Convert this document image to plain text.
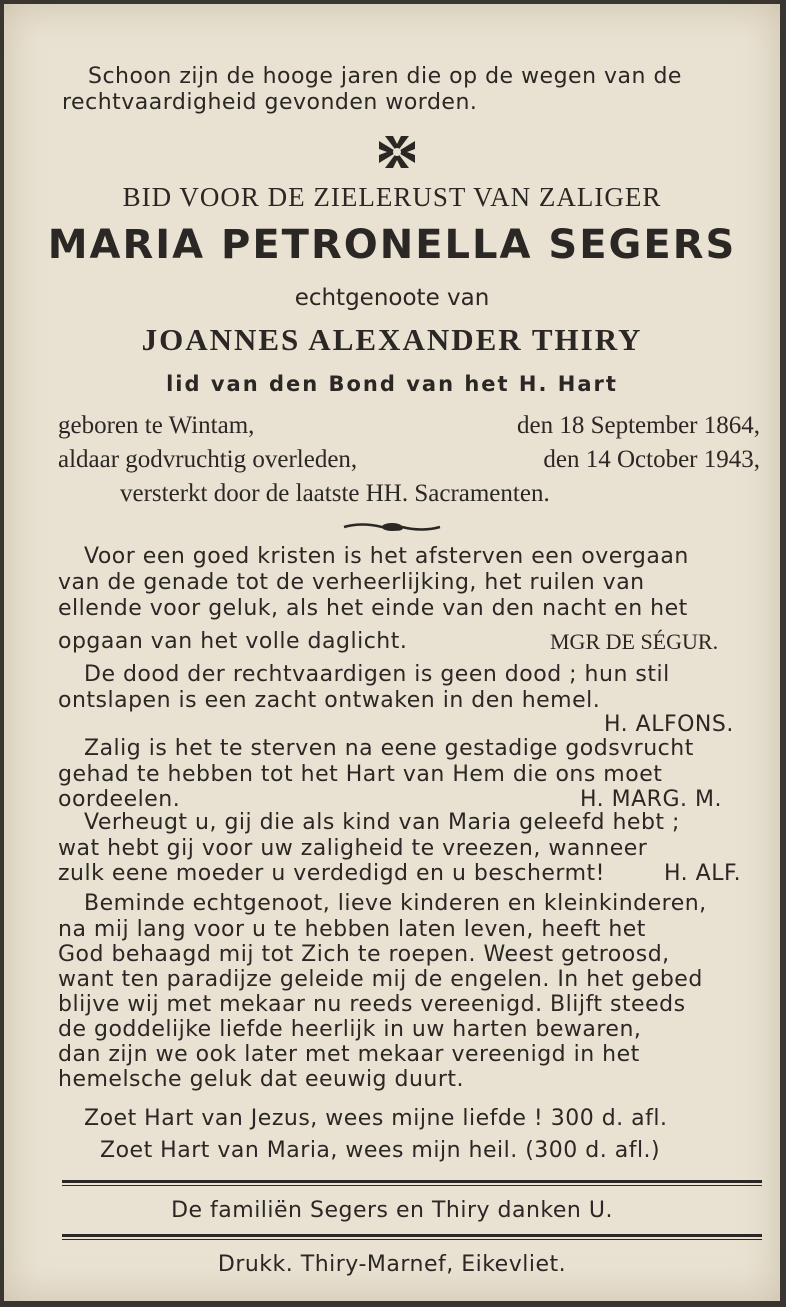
Schoon zijn de hooge jaren die op de wegen van de
rechtvaardigheid gevonden worden.
BID VOOR DE ZIELERUST VAN ZALIGER
MARIA PETRONELLA SEGERS
echtgenoote van
JOANNES ALEXANDER THIRY
lid van den Bond van het H. Hart
geboren te Wintam,	den 18 September 1864,
aldaar godvruchtig overleden,	den 14 October 1943,
versterkt door de laatste HH. Sacramenten.
Voor een goed kristen is het afsterven een overgaan
van de genade tot de verheerlijking, het ruilen van
ellende voor geluk, als het einde van den nacht en het
opgaan van het volle daglicht.	MGR DE SÉGUR.
De dood der rechtvaardigen is geen dood ; hun stil
ontslapen is een zacht ontwaken in den hemel.
H. ALFONS.
Zalig is het te sterven na eene gestadige godsvrucht
gehad te hebben tot het Hart van Hem die ons moet
oordeelen.	H. MARG. M.
Verheugt u, gij die als kind van Maria geleefd hebt ;
wat hebt gij voor uw zaligheid te vreezen, wanneer
zulk eene moeder u verdedigd en u beschermt!	H. ALF.
Beminde echtgenoot, lieve kinderen en kleinkinderen,
na mij lang voor u te hebben laten leven, heeft het
God behaagd mij tot Zich te roepen. Weest getroosd,
want ten paradijze geleide mij de engelen. In het gebed
blijve wij met mekaar nu reeds vereenigd. Blijft steeds
de goddelijke liefde heerlijk in uw harten bewaren,
dan zijn we ook later met mekaar vereenigd in het
hemelsche geluk dat eeuwig duurt.
Zoet Hart van Jezus, wees mijne liefde ! 300 d. afl.
Zoet Hart van Maria, wees mijn heil. (300 d. afl.)
De familiën Segers en Thiry danken U.
Drukk. Thiry-Marnef, Eikevliet.
